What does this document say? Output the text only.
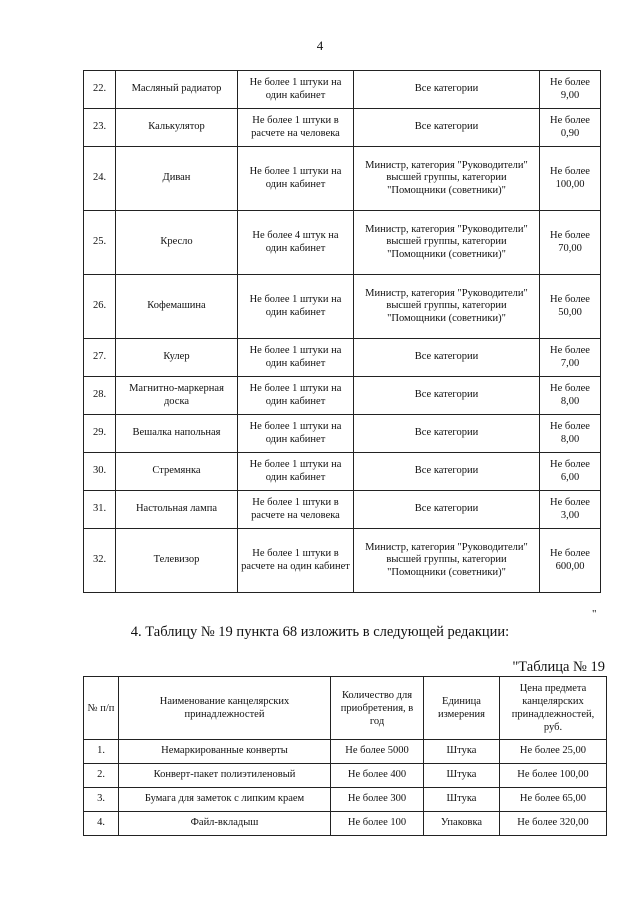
4
22.	Масляный радиатор	Не более 1 штуки на один кабинет	Все категории	Не более 9,00
23.	Калькулятор	Не более 1 штуки в расчете на человека	Все категории	Не более 0,90
24.	Диван	Не более 1 штуки на один кабинет	Министр, категория "Руководители" высшей группы, категории "Помощники (советники)"	Не более 100,00
25.	Кресло	Не более 4 штук на один кабинет	Министр, категория "Руководители" высшей группы, категории "Помощники (советники)"	Не более 70,00
26.	Кофемашина	Не более 1 штуки на один кабинет	Министр, категория "Руководители" высшей группы, категории "Помощники (советники)"	Не более 50,00
27.	Кулер	Не более 1 штуки на один кабинет	Все категории	Не более 7,00
28.	Магнитно-маркерная доска	Не более 1 штуки на один кабинет	Все категории	Не более 8,00
29.	Вешалка напольная	Не более 1 штуки на один кабинет	Все категории	Не более 8,00
30.	Стремянка	Не более 1 штуки на один кабинет	Все категории	Не более 6,00
31.	Настольная лампа	Не более 1 штуки в расчете на человека	Все категории	Не более 3,00
32.	Телевизор	Не более 1 штуки в расчете на один кабинет	Министр, категория "Руководители" высшей группы, категории "Помощники (советники)"	Не более 600,00
"
4. Таблицу № 19 пункта 68 изложить в следующей редакции:
"Таблица № 19
№ п/п	Наименование канцелярских принадлежностей	Количество для приобретения, в год	Единица измерения	Цена предмета канцелярских принадлежностей, руб.
1.	Немаркированные конверты	Не более 5000	Штука	Не более 25,00
2.	Конверт-пакет полиэтиленовый	Не более 400	Штука	Не более 100,00
3.	Бумага для заметок с липким краем	Не более 300	Штука	Не более 65,00
4.	Файл-вкладыш	Не более 100	Упаковка	Не более 320,00
